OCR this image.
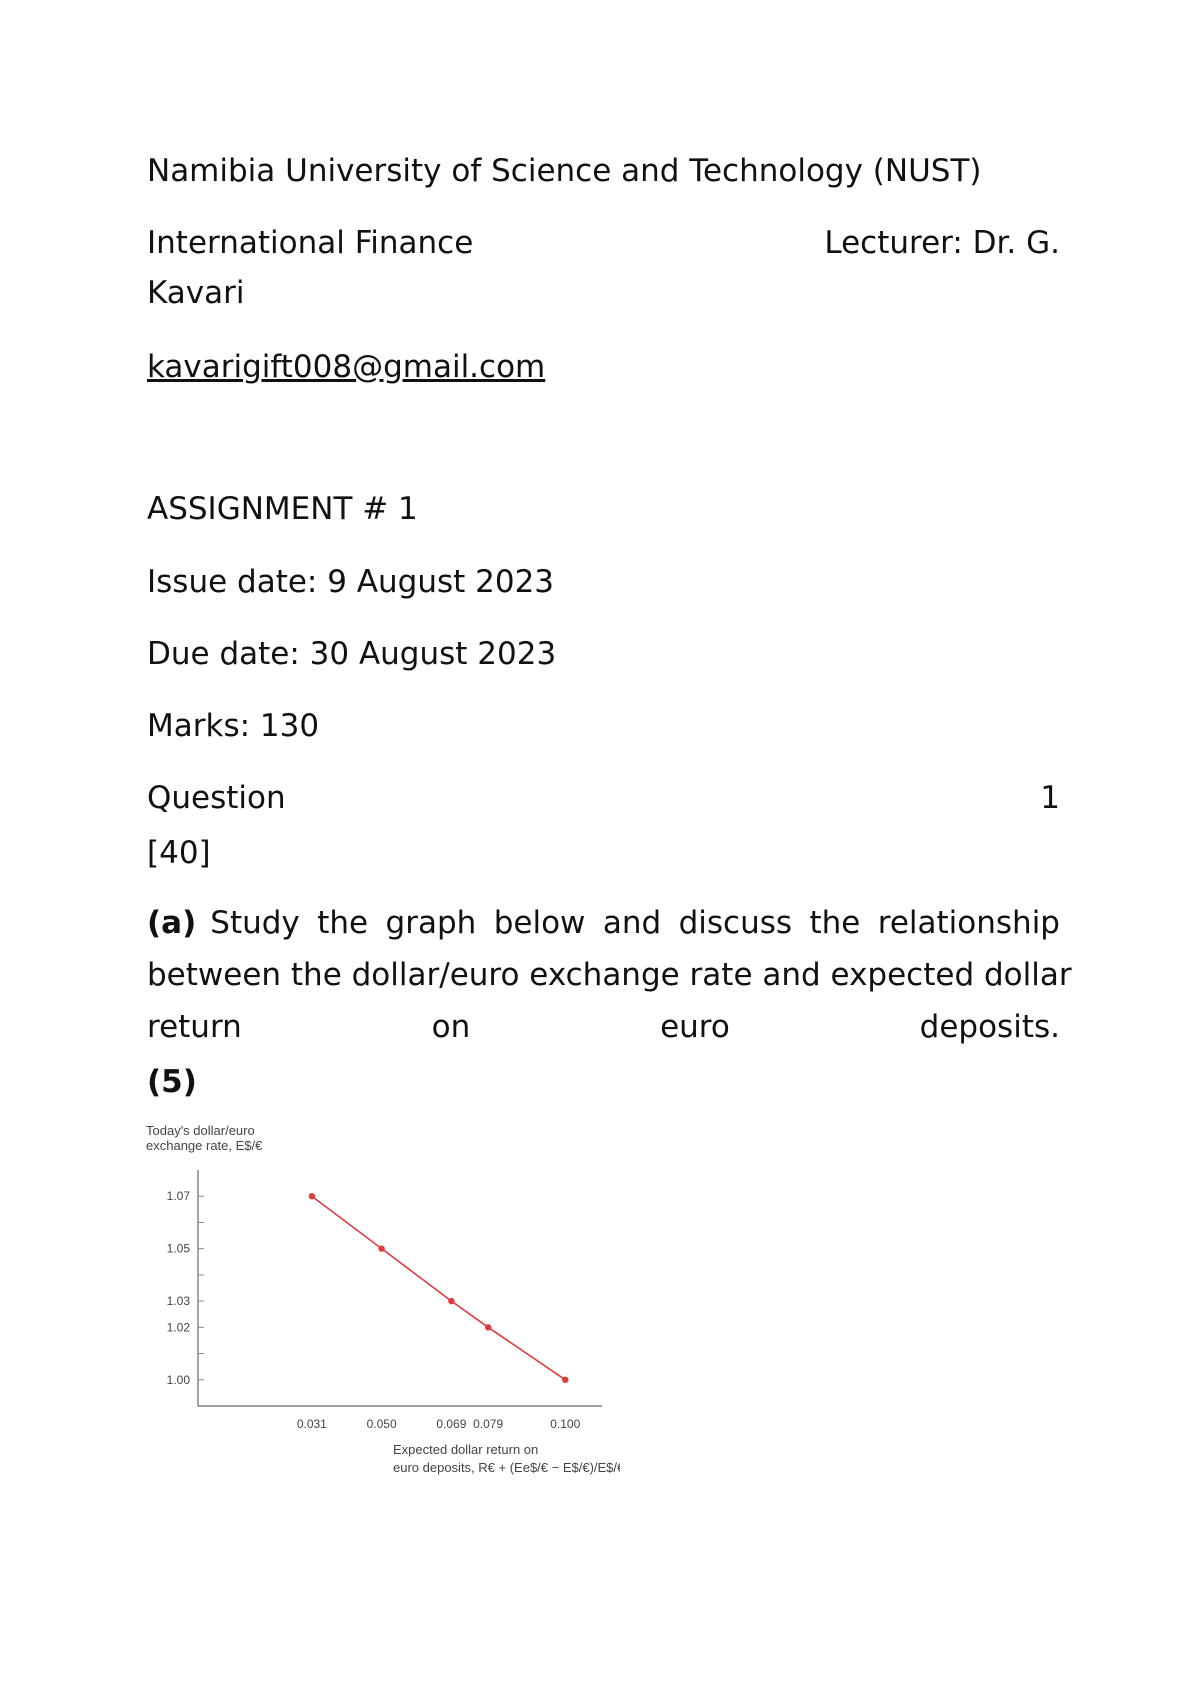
Namibia University of Science and Technology (NUST)
International Finance	Lecturer: Dr. G.
Kavari
kavarigift008@gmail.com
ASSIGNMENT # 1
Issue date: 9 August 2023
Due date: 30 August 2023
Marks: 130
Question	1
[40]
(a) Study the graph below and discuss the relationship
between the dollar/euro exchange rate and expected dollar
return	on	euro	deposits.
(5)
Today's dollar/euro
exchange rate, E$/€
1.07
1.05
1.03
1.02
1.00
0.031	0.050	0.069 0.079	0.100
Expected dollar return on
euro deposits, R€ + (Ee$/€ − E$/€)/E$/€
